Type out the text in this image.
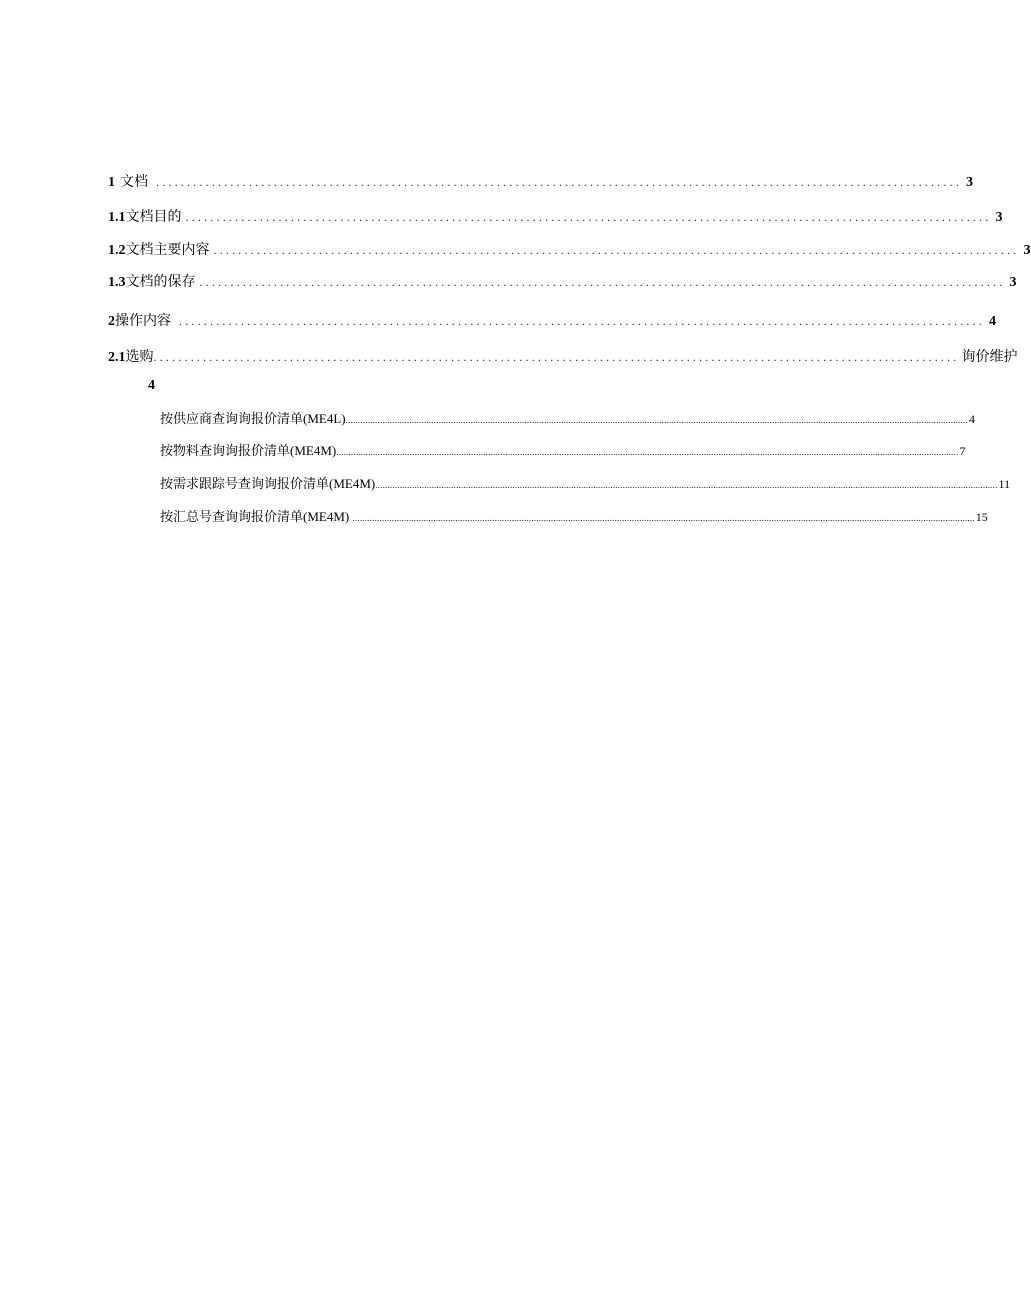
1 文档 .................................................................................................................................. 3
1.1 文档目的 .................................................................................................................................. 3
1.2 文档主要内容 .................................................................................................................................. 3
1.3 文档的保存 .................................................................................................................................. 3
2 操作内容 .................................................................................................................................. 4
2.1 选购 .................................................................................................................................. 询价维护
4
按供应商查询询报价清单 (ME4L) .............................................................................................................................................................................................................................................................. 4
按物料查询询报价清单 (ME4M) .............................................................................................................................................................................................................................................................. 7
按需求跟踪号查询询报价清单 (ME4M) .............................................................................................................................................................................................................................................................. 11
按汇总号查询询报价清单 (ME4M) .............................................................................................................................................................................................................................................................. 15
